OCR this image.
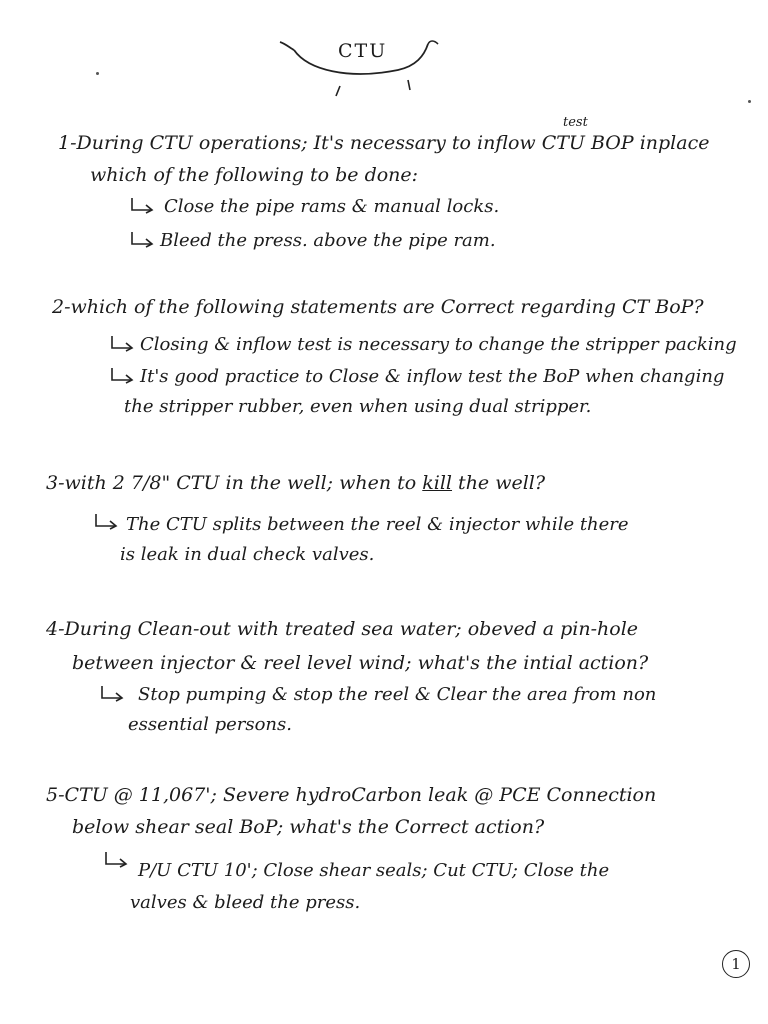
CTU
test
1-During CTU operations; It's necessary to inflow CTU BOP inplace
which of the following to be done:
Close the pipe rams & manual locks.
Bleed the press. above the pipe ram.
2-which of the following statements are Correct regarding CT BoP?
Closing & inflow test is necessary to change the stripper packing
It's good practice to Close & inflow test the BoP when changing
the stripper rubber, even when using dual stripper.
3-with 2 7/8" CTU in the well; when to kill the well?
The CTU splits between the reel & injector while there
is leak in dual check valves.
4-During Clean-out with treated sea water; obeved a pin-hole
between injector & reel level wind; what's the intial action?
Stop pumping & stop the reel & Clear the area from non
essential persons.
5-CTU @ 11,067'; Severe hydroCarbon leak @ PCE Connection
below shear seal BoP; what's the Correct action?
P/U CTU 10'; Close shear seals; Cut CTU; Close the
valves & bleed the press.
1
